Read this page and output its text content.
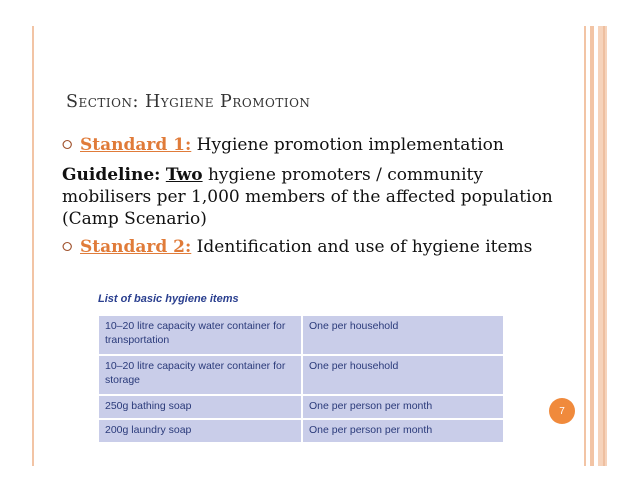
Section: Hygiene Promotion
⭘ Standard 1: Hygiene promotion implementation
Guideline: Two hygiene promoters / community mobilisers per 1,000 members of the affected population (Camp Scenario)
⭘ Standard 2: Identification and use of hygiene items
List of basic hygiene items
10–20 litre capacity water container for transportation	One per household
10–20 litre capacity water container for storage	One per household
250g bathing soap	One per person per month
200g laundry soap	One per person per month
7
